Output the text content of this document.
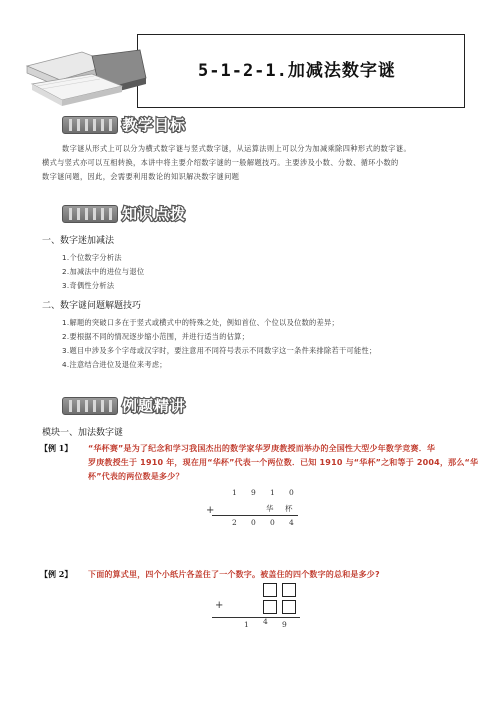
5-1-2-1.加减法数字谜
教学目标
数字谜从形式上可以分为横式数字谜与竖式数字谜，从运算法则上可以分为加减乘除四种形式的数字谜。
横式与竖式亦可以互相转换，本讲中将主要介绍数字谜的一般解题技巧。主要涉及小数、分数、循环小数的
数字谜问题，因此，会需要利用数论的知识解决数字谜问题
知识点拨
一、数字迷加减法
1.个位数字分析法
2.加减法中的进位与退位
3.奇偶性分析法
二、数字谜问题解题技巧
1.解题的突破口多在于竖式或横式中的特殊之处，例如首位、个位以及位数的差异；
2.要根据不同的情况逐步缩小范围，并进行适当的估算；
3.题目中涉及多个字母或汉字时，要注意用不同符号表示不同数字这一条件来排除若干可能性；
4.注意结合进位及退位来考虑；
例题精讲
模块一、加法数字谜
【例 1】 “华杯赛”是为了纪念和学习我国杰出的数学家华罗庚教授而举办的全国性大型少年数学竞赛．华
罗庚教授生于 1910 年，现在用“华杯”代表一个两位数．已知 1910 与“华杯”之和等于 2004，那么“华
杯”代表的两位数是多少？
1 9 1 0
+	华 杯
2 0 0 4
【例 2】 下面的算式里，四个小纸片各盖住了一个数字。被盖住的四个数字的总和是多少?
+
1 4 9
